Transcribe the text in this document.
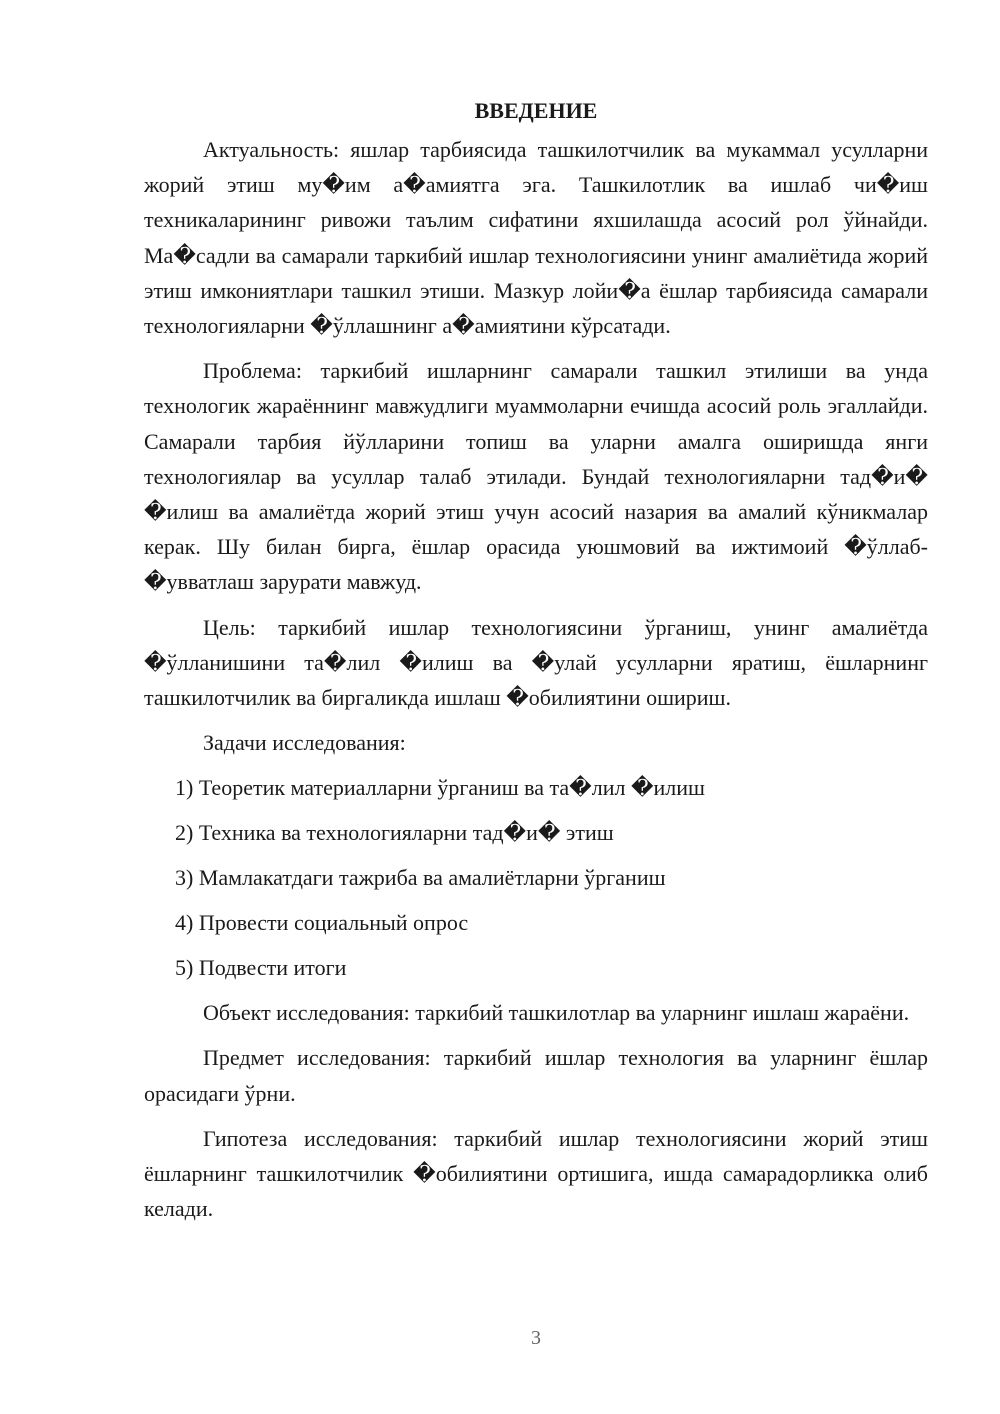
ВВЕДЕНИЕ

Актуальность: яшлар тарбиясида ташкилотчилик ва мукаммал усулларни жорий этиш му�им а�амиятга эга. Ташкилотлик ва ишлаб чи�иш техникаларининг ривожи таълим сифатини яхшилашда асосий рол ўйнайди. Ма�садли ва самарали таркибий ишлар технологиясини унинг амалиётида жорий этиш имкониятлари ташкил этиши. Мазкур лойи�а ёшлар тарбиясида самарали технологияларни �ўллашнинг а�амиятини кўрсатади.

Проблема: таркибий ишларнинг самарали ташкил этилиши ва унда технологик жараённинг мавжудлиги муаммоларни ечишда асосий роль эгаллайди. Самарали тарбия йўлларини топиш ва уларни амалга оширишда янги технологиялар ва усуллар талаб этилади. Бундай технологияларни тад�и� �илиш ва амалиётда жорий этиш учун асосий назария ва амалий кўникмалар керак. Шу билан бирга, ёшлар орасида уюшмовий ва ижтимоий �ўллаб-�увватлаш зарурати мавжуд.

Цель: таркибий ишлар технологиясини ўрганиш, унинг амалиётда �ўлланишини та�лил �илиш ва �улай усулларни яратиш, ёшларнинг ташкилотчилик ва биргаликда ишлаш �обилиятини ошириш.

Задачи исследования:

1) Теоретик материалларни ўрганиш ва та�лил �илиш
2) Техника ва технологияларни тад�и� этиш
3) Мамлакатдаги тажриба ва амалиётларни ўрганиш
4) Провести социальный опрос
5) Подвести итоги

Объект исследования: таркибий ташкилотлар ва уларнинг ишлаш жараёни.

Предмет исследования: таркибий ишлар технология ва уларнинг ёшлар орасидаги ўрни.

Гипотеза исследования: таркибий ишлар технологиясини жорий этиш ёшларнинг ташкилотчилик �обилиятини ортишига, ишда самарадорликка олиб келади.

3
